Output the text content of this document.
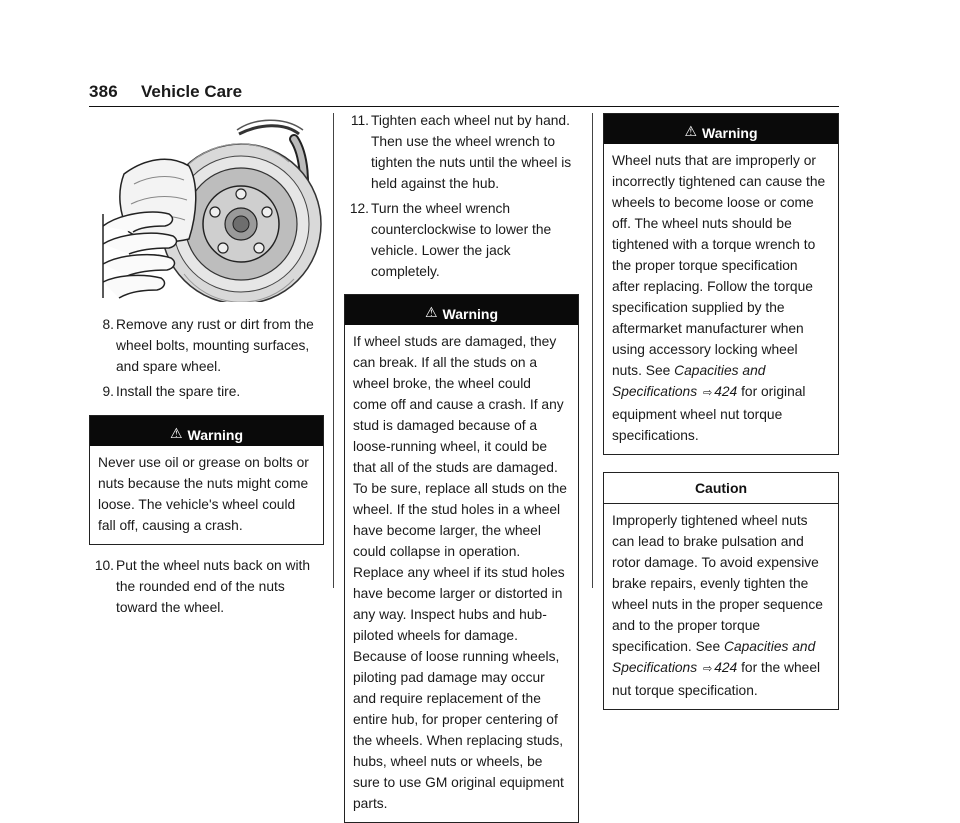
386 Vehicle Care
8. Remove any rust or dirt from the wheel bolts, mounting surfaces, and spare wheel.
9. Install the spare tire.
⚠ Warning
Never use oil or grease on bolts or nuts because the nuts might come loose. The vehicle's wheel could fall off, causing a crash.
10. Put the wheel nuts back on with the rounded end of the nuts toward the wheel.
11. Tighten each wheel nut by hand. Then use the wheel wrench to tighten the nuts until the wheel is held against the hub.
12. Turn the wheel wrench counterclockwise to lower the vehicle. Lower the jack completely.
⚠ Warning
If wheel studs are damaged, they can break. If all the studs on a wheel broke, the wheel could come off and cause a crash. If any stud is damaged because of a loose-running wheel, it could be that all of the studs are damaged. To be sure, replace all studs on the wheel. If the stud holes in a wheel have become larger, the wheel could collapse in operation. Replace any wheel if its stud holes have become larger or distorted in any way. Inspect hubs and hub-piloted wheels for damage. Because of loose running wheels, piloting pad damage may occur and require replacement of the entire hub, for proper centering of the wheels. When replacing studs, hubs, wheel nuts or wheels, be sure to use GM original equipment parts.
⚠ Warning
Wheel nuts that are improperly or incorrectly tightened can cause the wheels to become loose or come off. The wheel nuts should be tightened with a torque wrench to the proper torque specification after replacing. Follow the torque specification supplied by the aftermarket manufacturer when using accessory locking wheel nuts. See Capacities and Specifications ⇨ 424 for original equipment wheel nut torque specifications.
Caution
Improperly tightened wheel nuts can lead to brake pulsation and rotor damage. To avoid expensive brake repairs, evenly tighten the wheel nuts in the proper sequence and to the proper torque specification. See Capacities and Specifications ⇨ 424 for the wheel nut torque specification.
